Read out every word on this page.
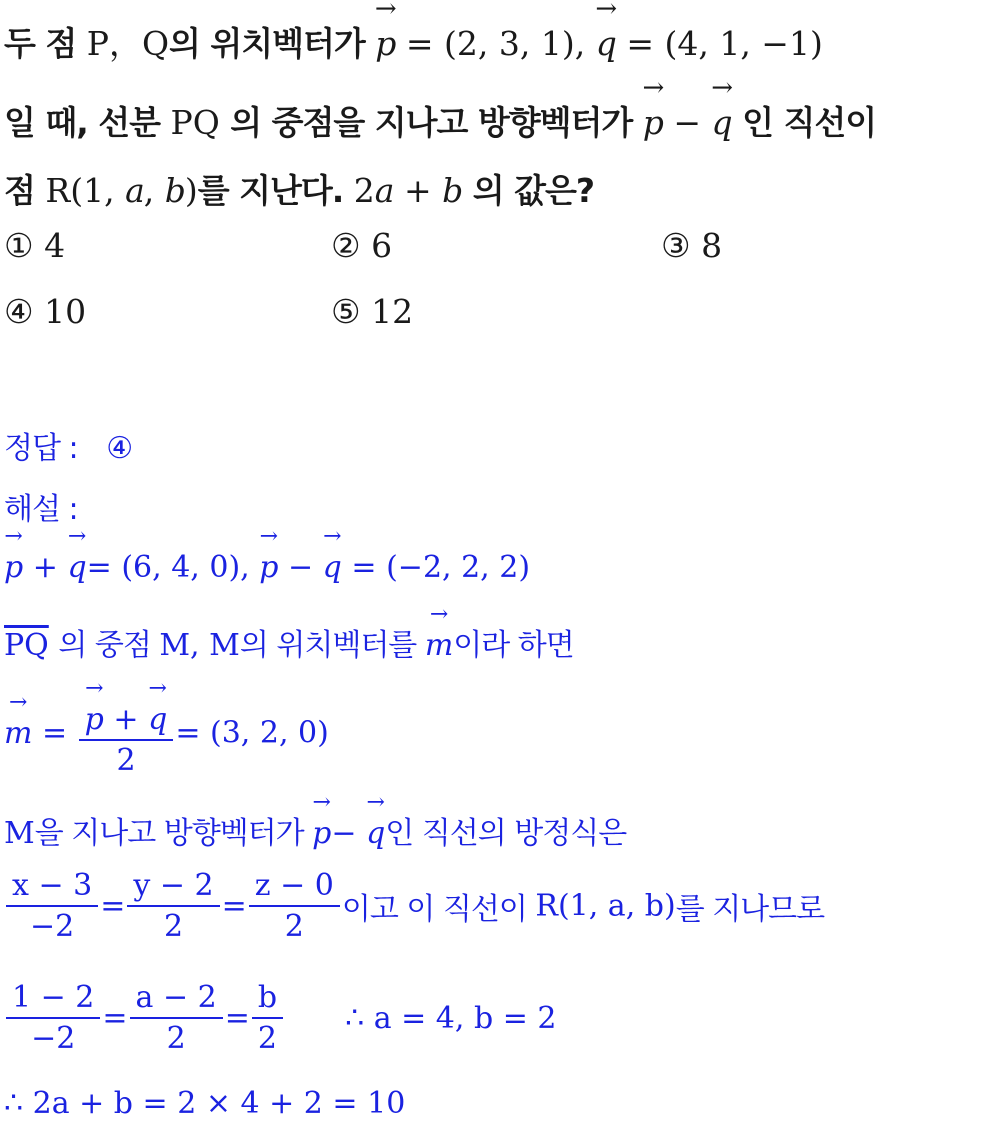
두 점 P，Q의 위치벡터가 → p = (2, 3, 1), → q = (4, 1, −1)
일 때, 선분 PQ 의 중점을 지나고 방향벡터가 → p − → q 인 직선이
점 R(1, a, b)를 지난다. 2a + b 의 값은?
① 4	② 6	③ 8
④ 10	⑤ 12
정답 : ④
해설 :
→ p + → q= (6, 4, 0), → p − → q = (−2, 2, 2)
$\overline{PQ}$ 의 중점 M, M의 위치벡터를 → m이라 하면
→ m = → $\frac{p + \to q}{2} = (3$, 2, 0)
M을 지나고 방향벡터가 → p− → q인 직선의 방정식은
$\frac{x - 3}{-2} = \frac{y - 2}{2} = \frac{z - 0}{2}$ 이고 이 직선이 R(1, a, b)를 지나므로
$\frac{1 - 2}{-2} = \frac{a - 2}{2} = \frac{b}{2}$ ∴ a = 4, b = 2
∴ 2a + b = 2 × 4 + 2 = 10
